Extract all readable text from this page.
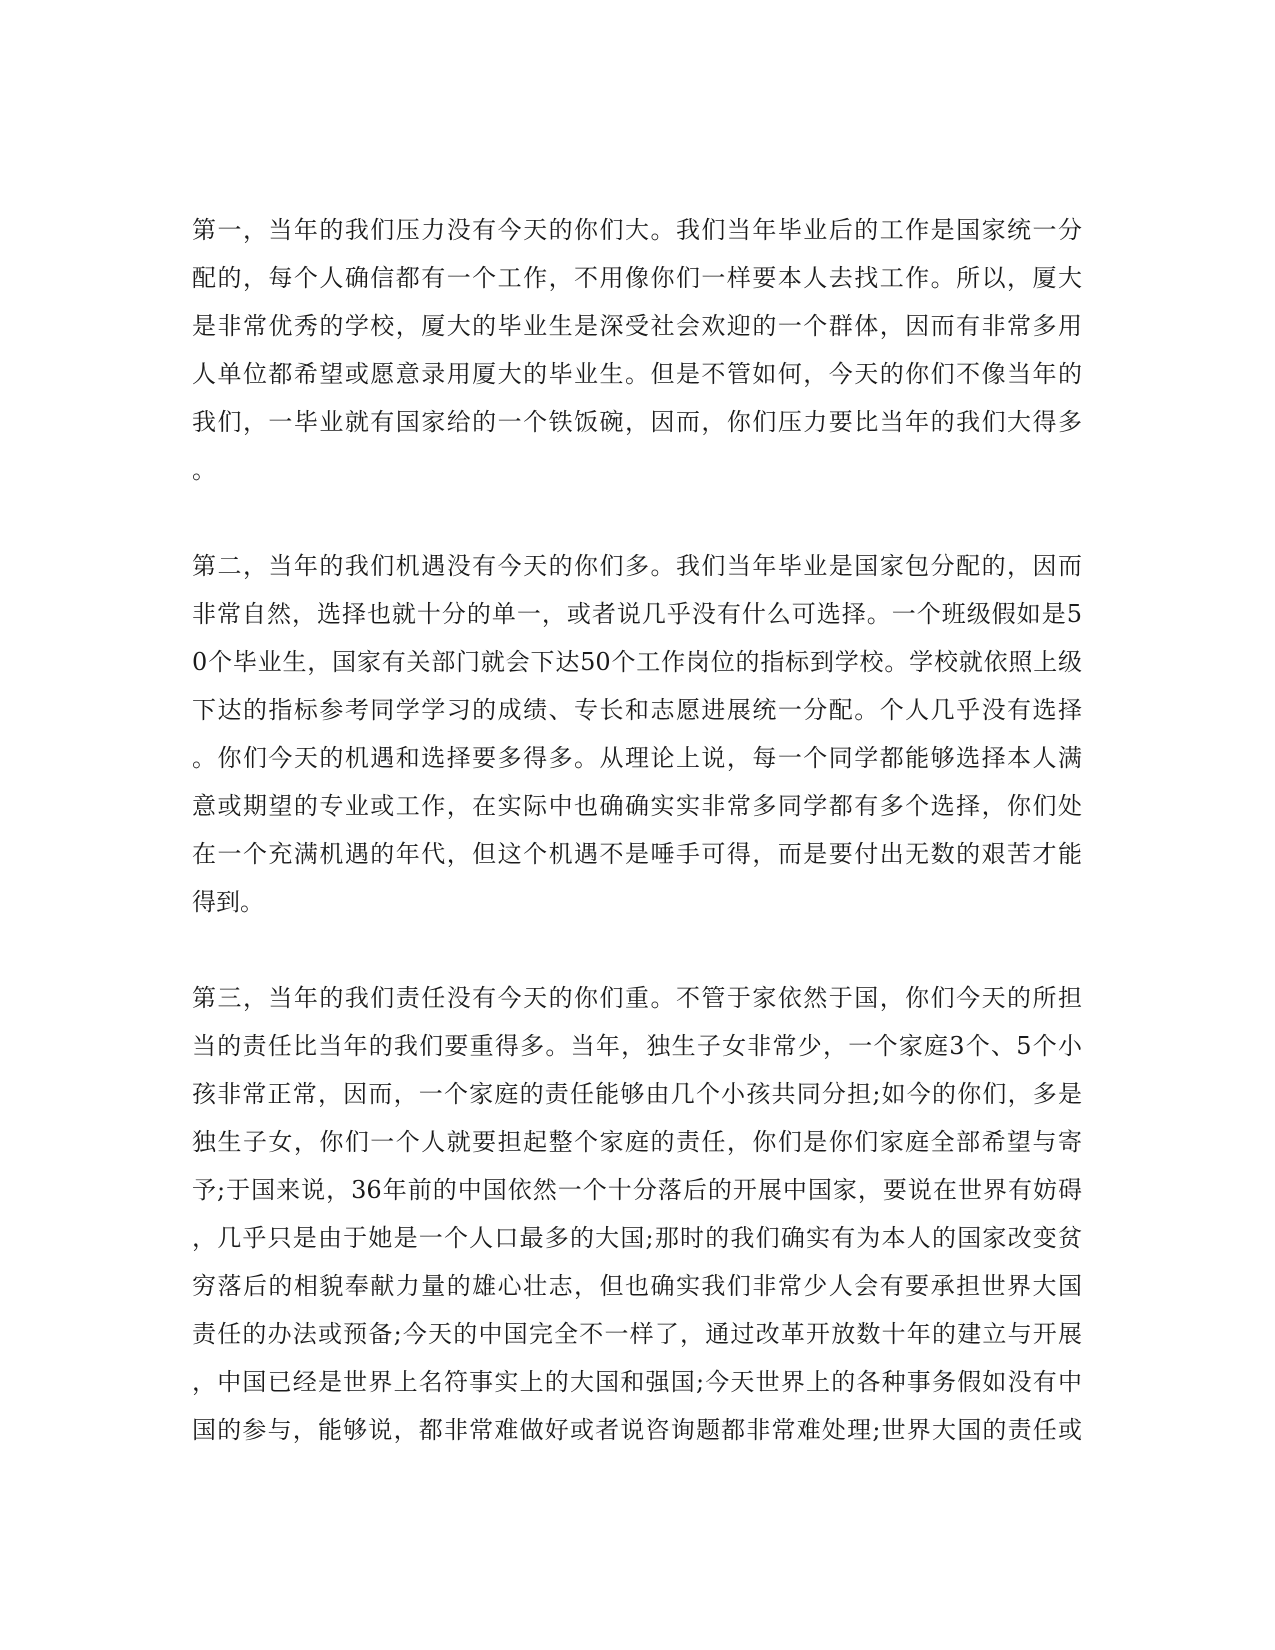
第一，当年的我们压力没有今天的你们大。我们当年毕业后的工作是国家统一分
配的，每个人确信都有一个工作，不用像你们一样要本人去找工作。所以，厦大
是非常优秀的学校，厦大的毕业生是深受社会欢迎的一个群体，因而有非常多用
人单位都希望或愿意录用厦大的毕业生。但是不管如何，今天的你们不像当年的
我们，一毕业就有国家给的一个铁饭碗，因而，你们压力要比当年的我们大得多
。
第二，当年的我们机遇没有今天的你们多。我们当年毕业是国家包分配的，因而
非常自然，选择也就十分的单一，或者说几乎没有什么可选择。一个班级假如是5
0个毕业生，国家有关部门就会下达50个工作岗位的指标到学校。学校就依照上级
下达的指标参考同学学习的成绩、专长和志愿进展统一分配。个人几乎没有选择
。你们今天的机遇和选择要多得多。从理论上说，每一个同学都能够选择本人满
意或期望的专业或工作，在实际中也确确实实非常多同学都有多个选择，你们处
在一个充满机遇的年代，但这个机遇不是唾手可得，而是要付出无数的艰苦才能
得到。
第三，当年的我们责任没有今天的你们重。不管于家依然于国，你们今天的所担
当的责任比当年的我们要重得多。当年，独生子女非常少，一个家庭3个、5个小
孩非常正常，因而，一个家庭的责任能够由几个小孩共同分担;如今的你们，多是
独生子女，你们一个人就要担起整个家庭的责任，你们是你们家庭全部希望与寄
予;于国来说，36年前的中国依然一个十分落后的开展中国家，要说在世界有妨碍
，几乎只是由于她是一个人口最多的大国;那时的我们确实有为本人的国家改变贫
穷落后的相貌奉献力量的雄心壮志，但也确实我们非常少人会有要承担世界大国
责任的办法或预备;今天的中国完全不一样了，通过改革开放数十年的建立与开展
，中国已经是世界上名符事实上的大国和强国;今天世界上的各种事务假如没有中
国的参与，能够说，都非常难做好或者说咨询题都非常难处理;世界大国的责任或
